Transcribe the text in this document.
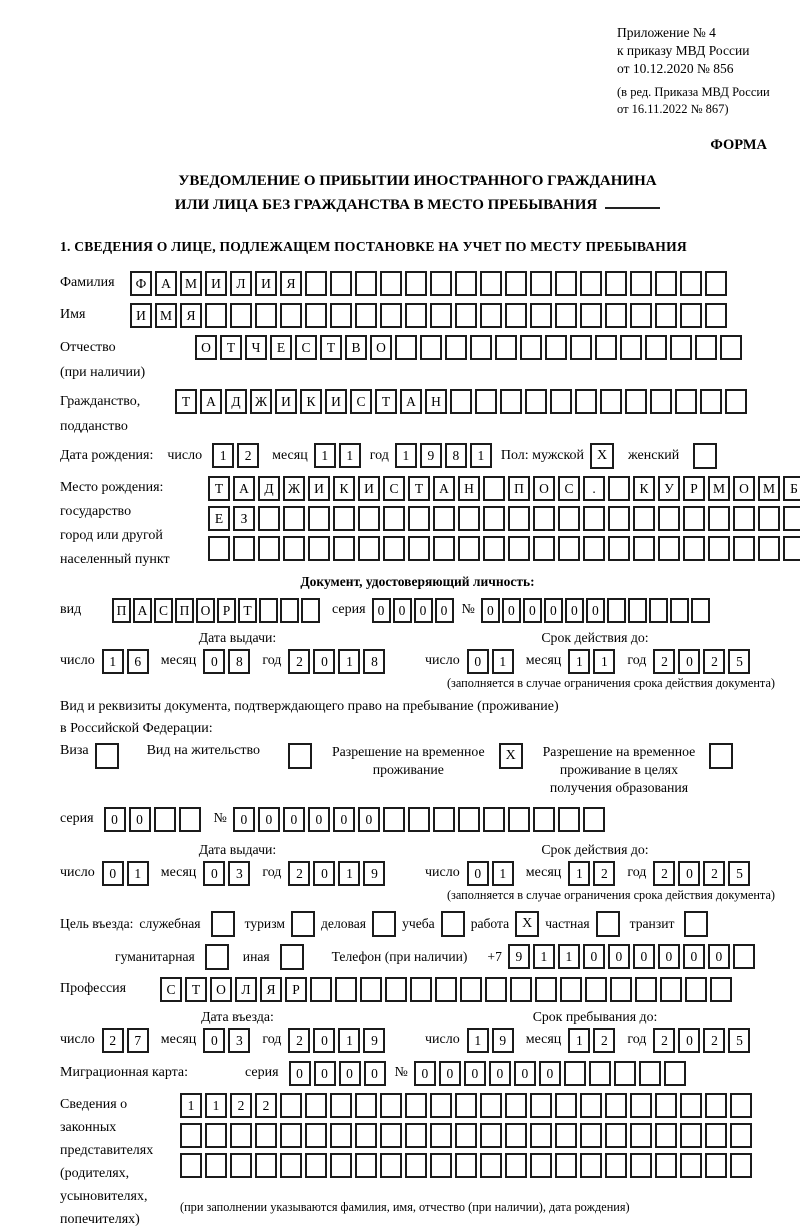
Приложение № 4
к приказу МВД России
от 10.12.2020 № 856
(в ред. Приказа МВД России
от 16.11.2022 № 867)
ФОРМА
УВЕДОМЛЕНИЕ О ПРИБЫТИИ ИНОСТРАННОГО ГРАЖДАНИНА
ИЛИ ЛИЦА БЕЗ ГРАЖДАНСТВА В МЕСТО ПРЕБЫВАНИЯ
1. СВЕДЕНИЯ О ЛИЦЕ, ПОДЛЕЖАЩЕМ ПОСТАНОВКЕ НА УЧЕТ ПО МЕСТУ ПРЕБЫВАНИЯ
Фамилия	Ф	А	М	И	Л	И	Я
Имя	И	М	Я
Отчество
(при наличии)
О	Т	Ч	Е	С	Т	В	О
Гражданство,
подданство
Т	А	Д	Ж	И	К	И	С	Т	А	Н
Дата рождения: число	1	2	месяц	1	1	год	1	9	8	1	Пол: мужской X	женский
Место рождения:
государство
город или другой
населенный пункт
Т	А	Д	Ж	И	К	И	С	Т	А	Н	П	О	С	.	К	У	Р	М	О	М	Б
Е	З
Документ, удостоверяющий личность:
вид	П А С П О Р Т	серия 0	0	0	0	№ 0	0	0	0	0	0
Дата выдачи:
число	1	6	месяц	0	8	год	2	0	1	8
Срок действия до:
число	0	1	месяц	1	1	год	2	0	2	5
(заполняется в случае ограничения срока действия документа)
Вид и реквизиты документа, подтверждающего право на пребывание (проживание)
в Российской Федерации:
Виза	Вид на жительство	Разрешение на временное
проживание
X	Разрешение на временное
проживание в целях
получения образования
серия	0	0	№	0	0	0	0	0	0
Дата выдачи:
число	0	1	месяц	0	3	год	2	0	1	9
Срок действия до:
число	0	1	месяц	1	2	год	2	0	2	5
(заполняется в случае ограничения срока действия документа)
Цель въезда: служебная	туризм	деловая	учеба	работа X частная	транзит
гуманитарная	иная	Телефон (при наличии) +7	9	1	1	0	0	0	0	0	0
Профессия	С	Т	О	Л	Я	Р
Дата въезда:
число	2	7	месяц	0	3	год	2	0	1	9
Срок пребывания до:
число	1	9	месяц	1	2	год	2	0	2	5
Миграционная карта:	серия	0	0	0	0	№	0	0	0	0	0	0
Сведения о
законных
представителях
(родителях,
усыновителях,
попечителях)
1	1	2	2
(при заполнении указываются фамилия, имя, отчество (при наличии), дата рождения)
